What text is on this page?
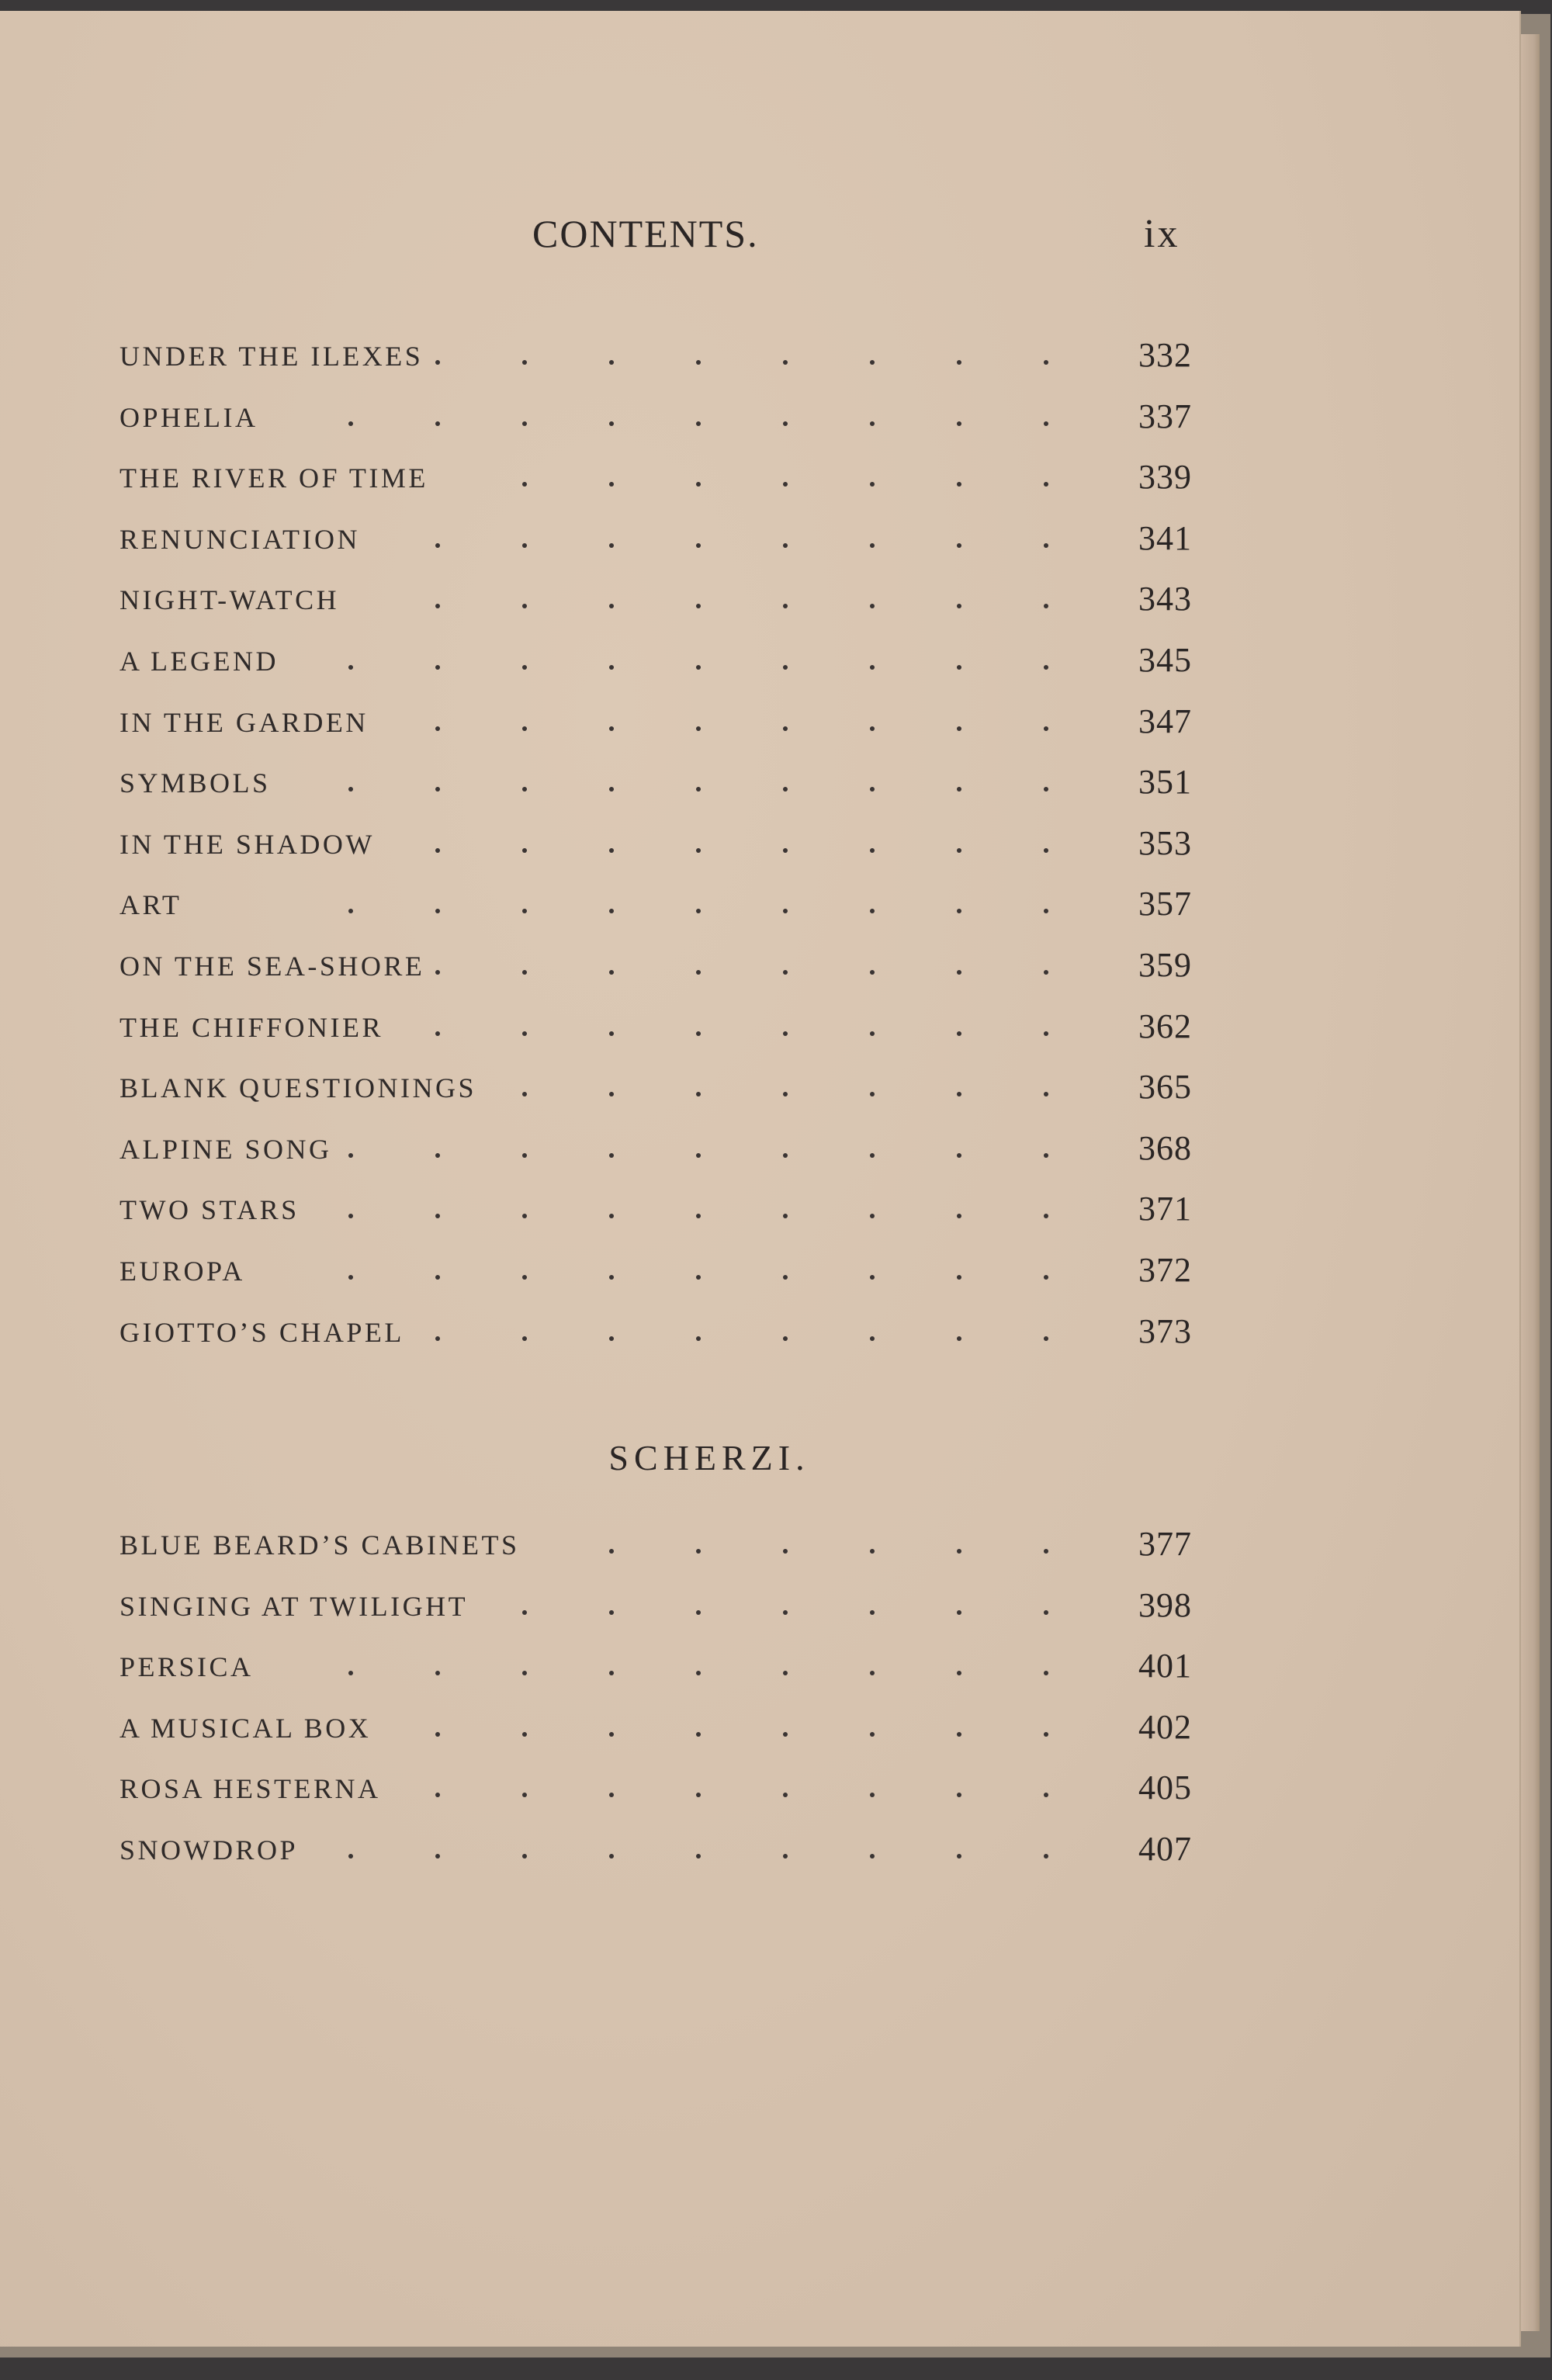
CONTENTS.	ix
UNDER THE ILEXES	332
OPHELIA	337
THE RIVER OF TIME	339
RENUNCIATION	341
NIGHT-WATCH	343
A LEGEND	345
IN THE GARDEN	347
SYMBOLS	351
IN THE SHADOW	353
ART	357
ON THE SEA-SHORE	359
THE CHIFFONIER	362
BLANK QUESTIONINGS	365
ALPINE SONG	368
TWO STARS	371
EUROPA	372
GIOTTO’S CHAPEL	373
SCHERZI.
BLUE BEARD’S CABINETS	377
SINGING AT TWILIGHT	398
PERSICA	401
A MUSICAL BOX	402
ROSA HESTERNA	405
SNOWDROP	407
